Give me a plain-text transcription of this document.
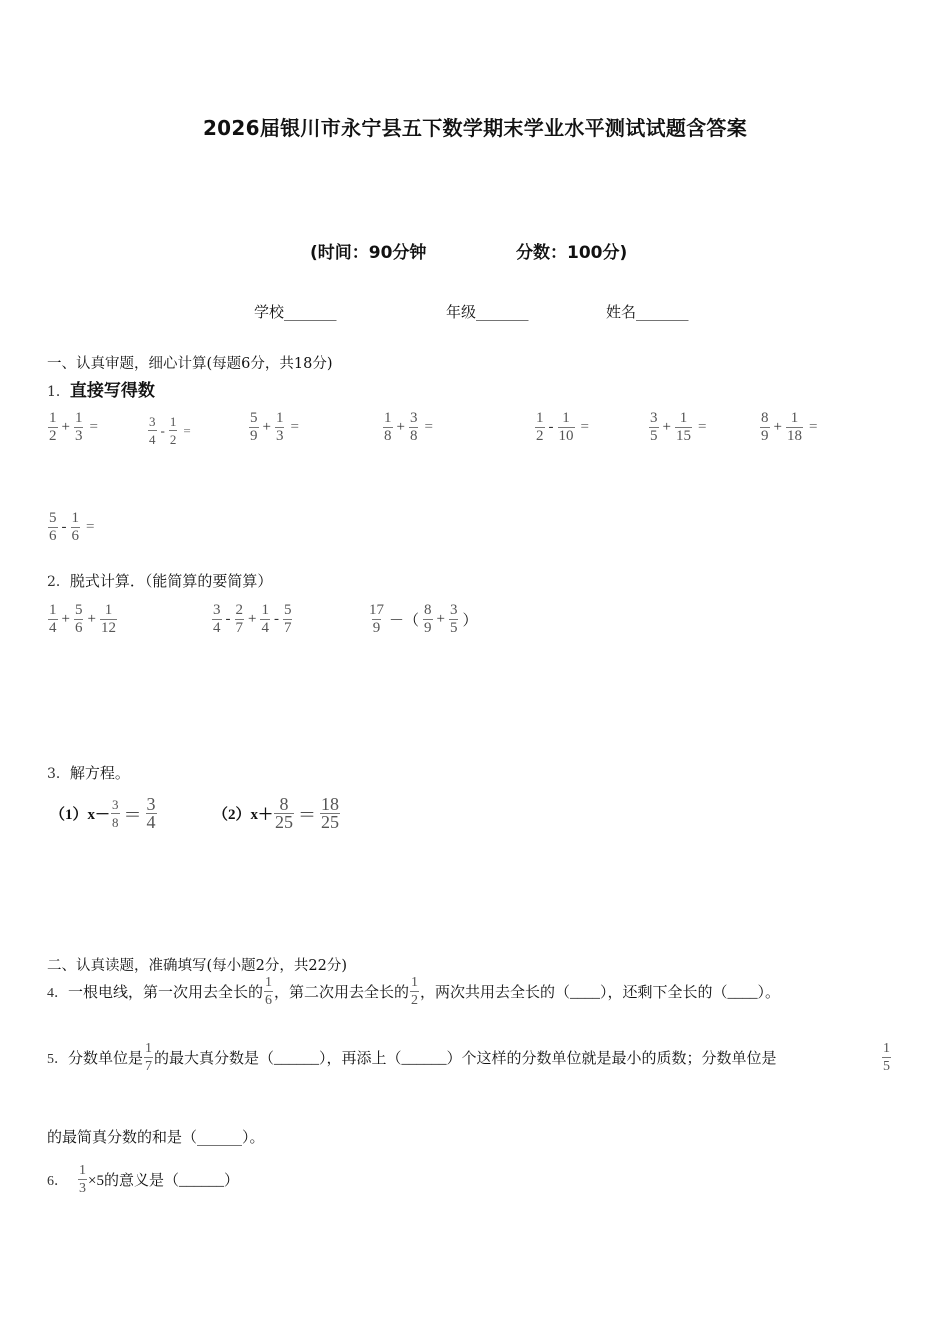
2026届银川市永宁县五下数学期末学业水平测试试题含答案
(时间：90分钟	分数：100分)
学校_______	年级_______	姓名_______
一、认真审题，细心计算(每题6分，共18分)
1．直接写得数
$\frac{1}{2} + \frac{1}{3}$ =	$\frac{3}{4} - \frac{1}{2}$ =	$\frac{5}{9} + \frac{1}{3}$ =	$\frac{1}{8} + \frac{3}{8}$ =	$\frac{1}{2} - \frac{1}{10}$ =	$\frac{3}{5} + \frac{1}{15}$ =	$\frac{8}{9} + \frac{1}{18}$ =
$\frac{5}{6} - \frac{1}{6}$ =
2．脱式计算．（能简算的要简算）
$\frac{1}{4} + \frac{5}{6} + \frac{1}{12}$	$\frac{3}{4} - \frac{2}{7} + \frac{1}{4} - \frac{5}{7}$	$\frac{17}{9}$ －（ $\frac{8}{9} + \frac{3}{5}$ ）
3．解方程。
$(1)x- \frac{3}{8} = \frac{3}{4}$	$(2)x+ \frac{8}{25} = \frac{18}{25}$
二、认真读题，准确填写(每小题2分，共22分)
4． 一根电线，第一次用去全长的 $\frac{1}{6}$ ，第二次用去全长的 $\frac{1}{2}$ ，两次共用去全长的（____），还剩下全长的（____）。
5． 分数单位是 $\frac{1}{7}$ 的最大真分数是（______），再添上（______）个这样的分数单位就是最小的质数；分数单位是	$\frac{1}{5}$
的最简真分数的和是（______）。
6． $\frac{1}{3} \times 5$的意义是（______）
